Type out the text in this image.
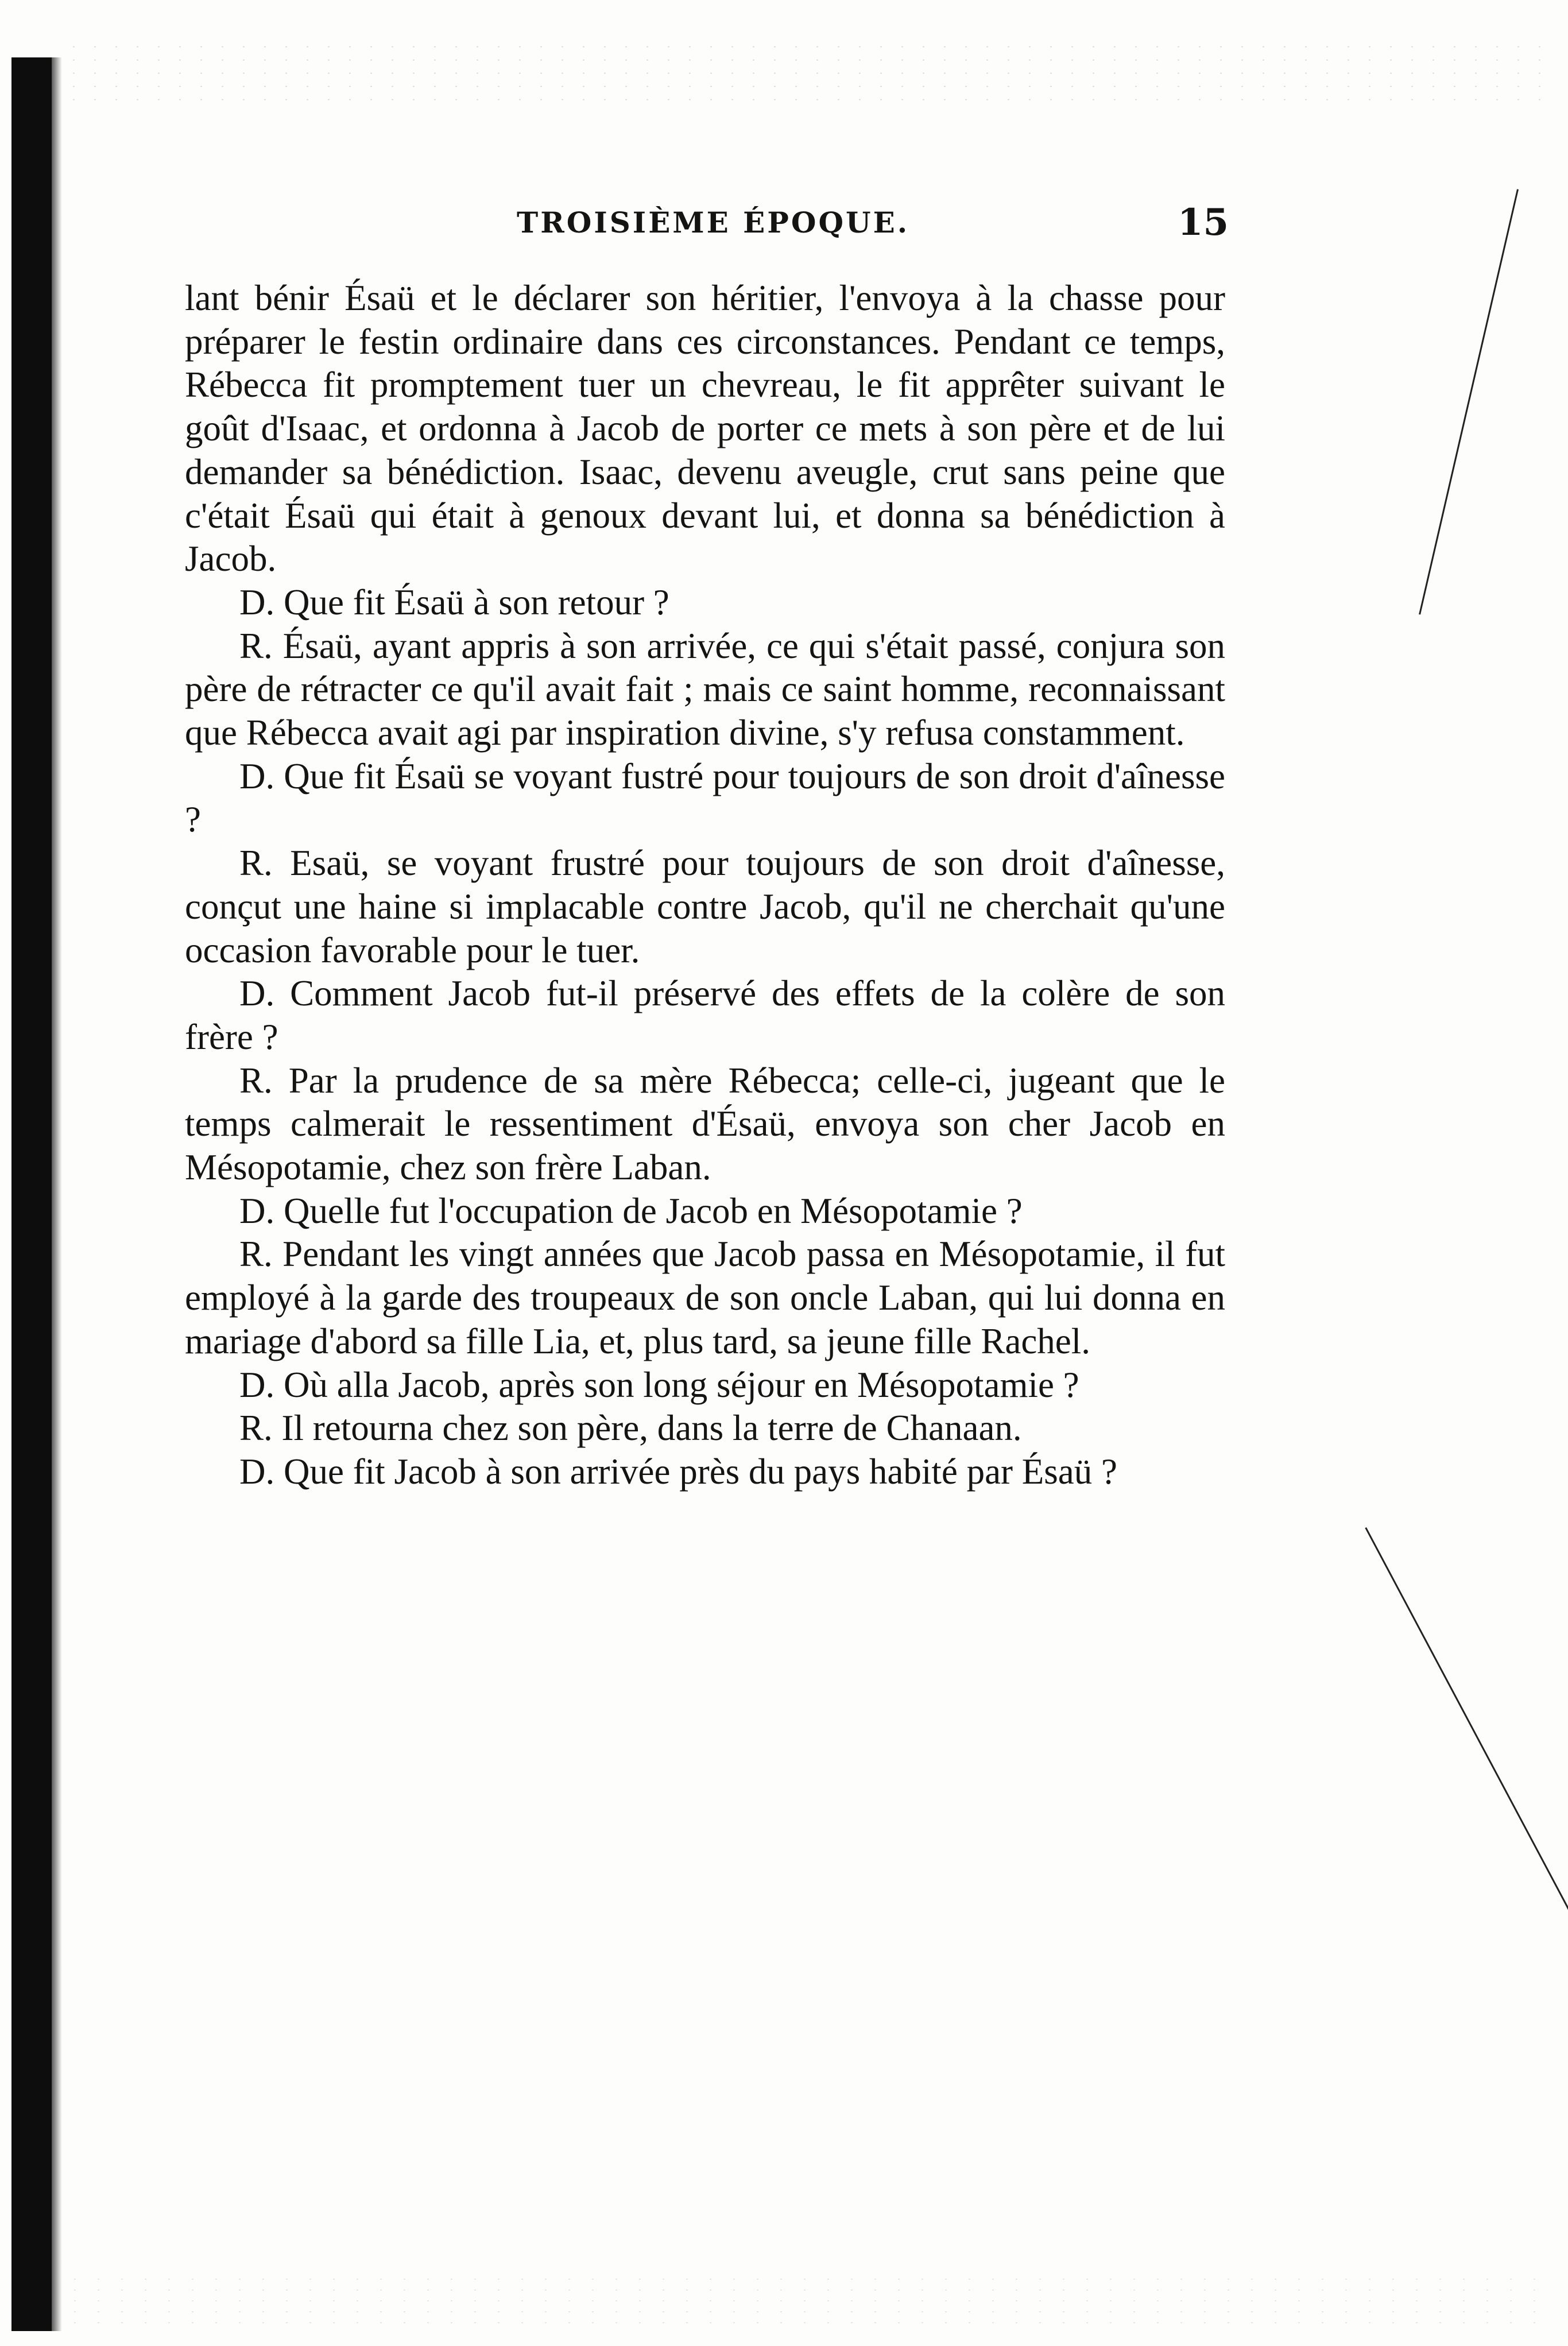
TROISIÈME ÉPOQUE.	15

lant bénir Ésaü et le déclarer son héritier, l'envoya à la chasse pour préparer le festin ordinaire dans ces circonstances. Pendant ce temps, Rébecca fit promptement tuer un chevreau, le fit apprêter suivant le goût d'Isaac, et ordonna à Jacob de porter ce mets à son père et de lui demander sa bénédiction. Isaac, devenu aveugle, crut sans peine que c'était Ésaü qui était à genoux devant lui, et donna sa bénédiction à Jacob.

D. Que fit Ésaü à son retour ?

R. Ésaü, ayant appris à son arrivée, ce qui s'était passé, conjura son père de rétracter ce qu'il avait fait ; mais ce saint homme, reconnaissant que Rébecca avait agi par inspiration divine, s'y refusa constamment.

D. Que fit Ésaü se voyant fustré pour toujours de son droit d'aînesse ?

R. Esaü, se voyant frustré pour toujours de son droit d'aînesse, conçut une haine si implacable contre Jacob, qu'il ne cherchait qu'une occasion favorable pour le tuer.

D. Comment Jacob fut-il préservé des effets de la colère de son frère ?

R. Par la prudence de sa mère Rébecca; celle-ci, jugeant que le temps calmerait le ressentiment d'Ésaü, envoya son cher Jacob en Mésopotamie, chez son frère Laban.

D. Quelle fut l'occupation de Jacob en Mésopotamie ?

R. Pendant les vingt années que Jacob passa en Mésopotamie, il fut employé à la garde des troupeaux de son oncle Laban, qui lui donna en mariage d'abord sa fille Lia, et, plus tard, sa jeune fille Rachel.

D. Où alla Jacob, après son long séjour en Mésopotamie ?

R. Il retourna chez son père, dans la terre de Chanaan.

D. Que fit Jacob à son arrivée près du pays habité par Ésaü ?
